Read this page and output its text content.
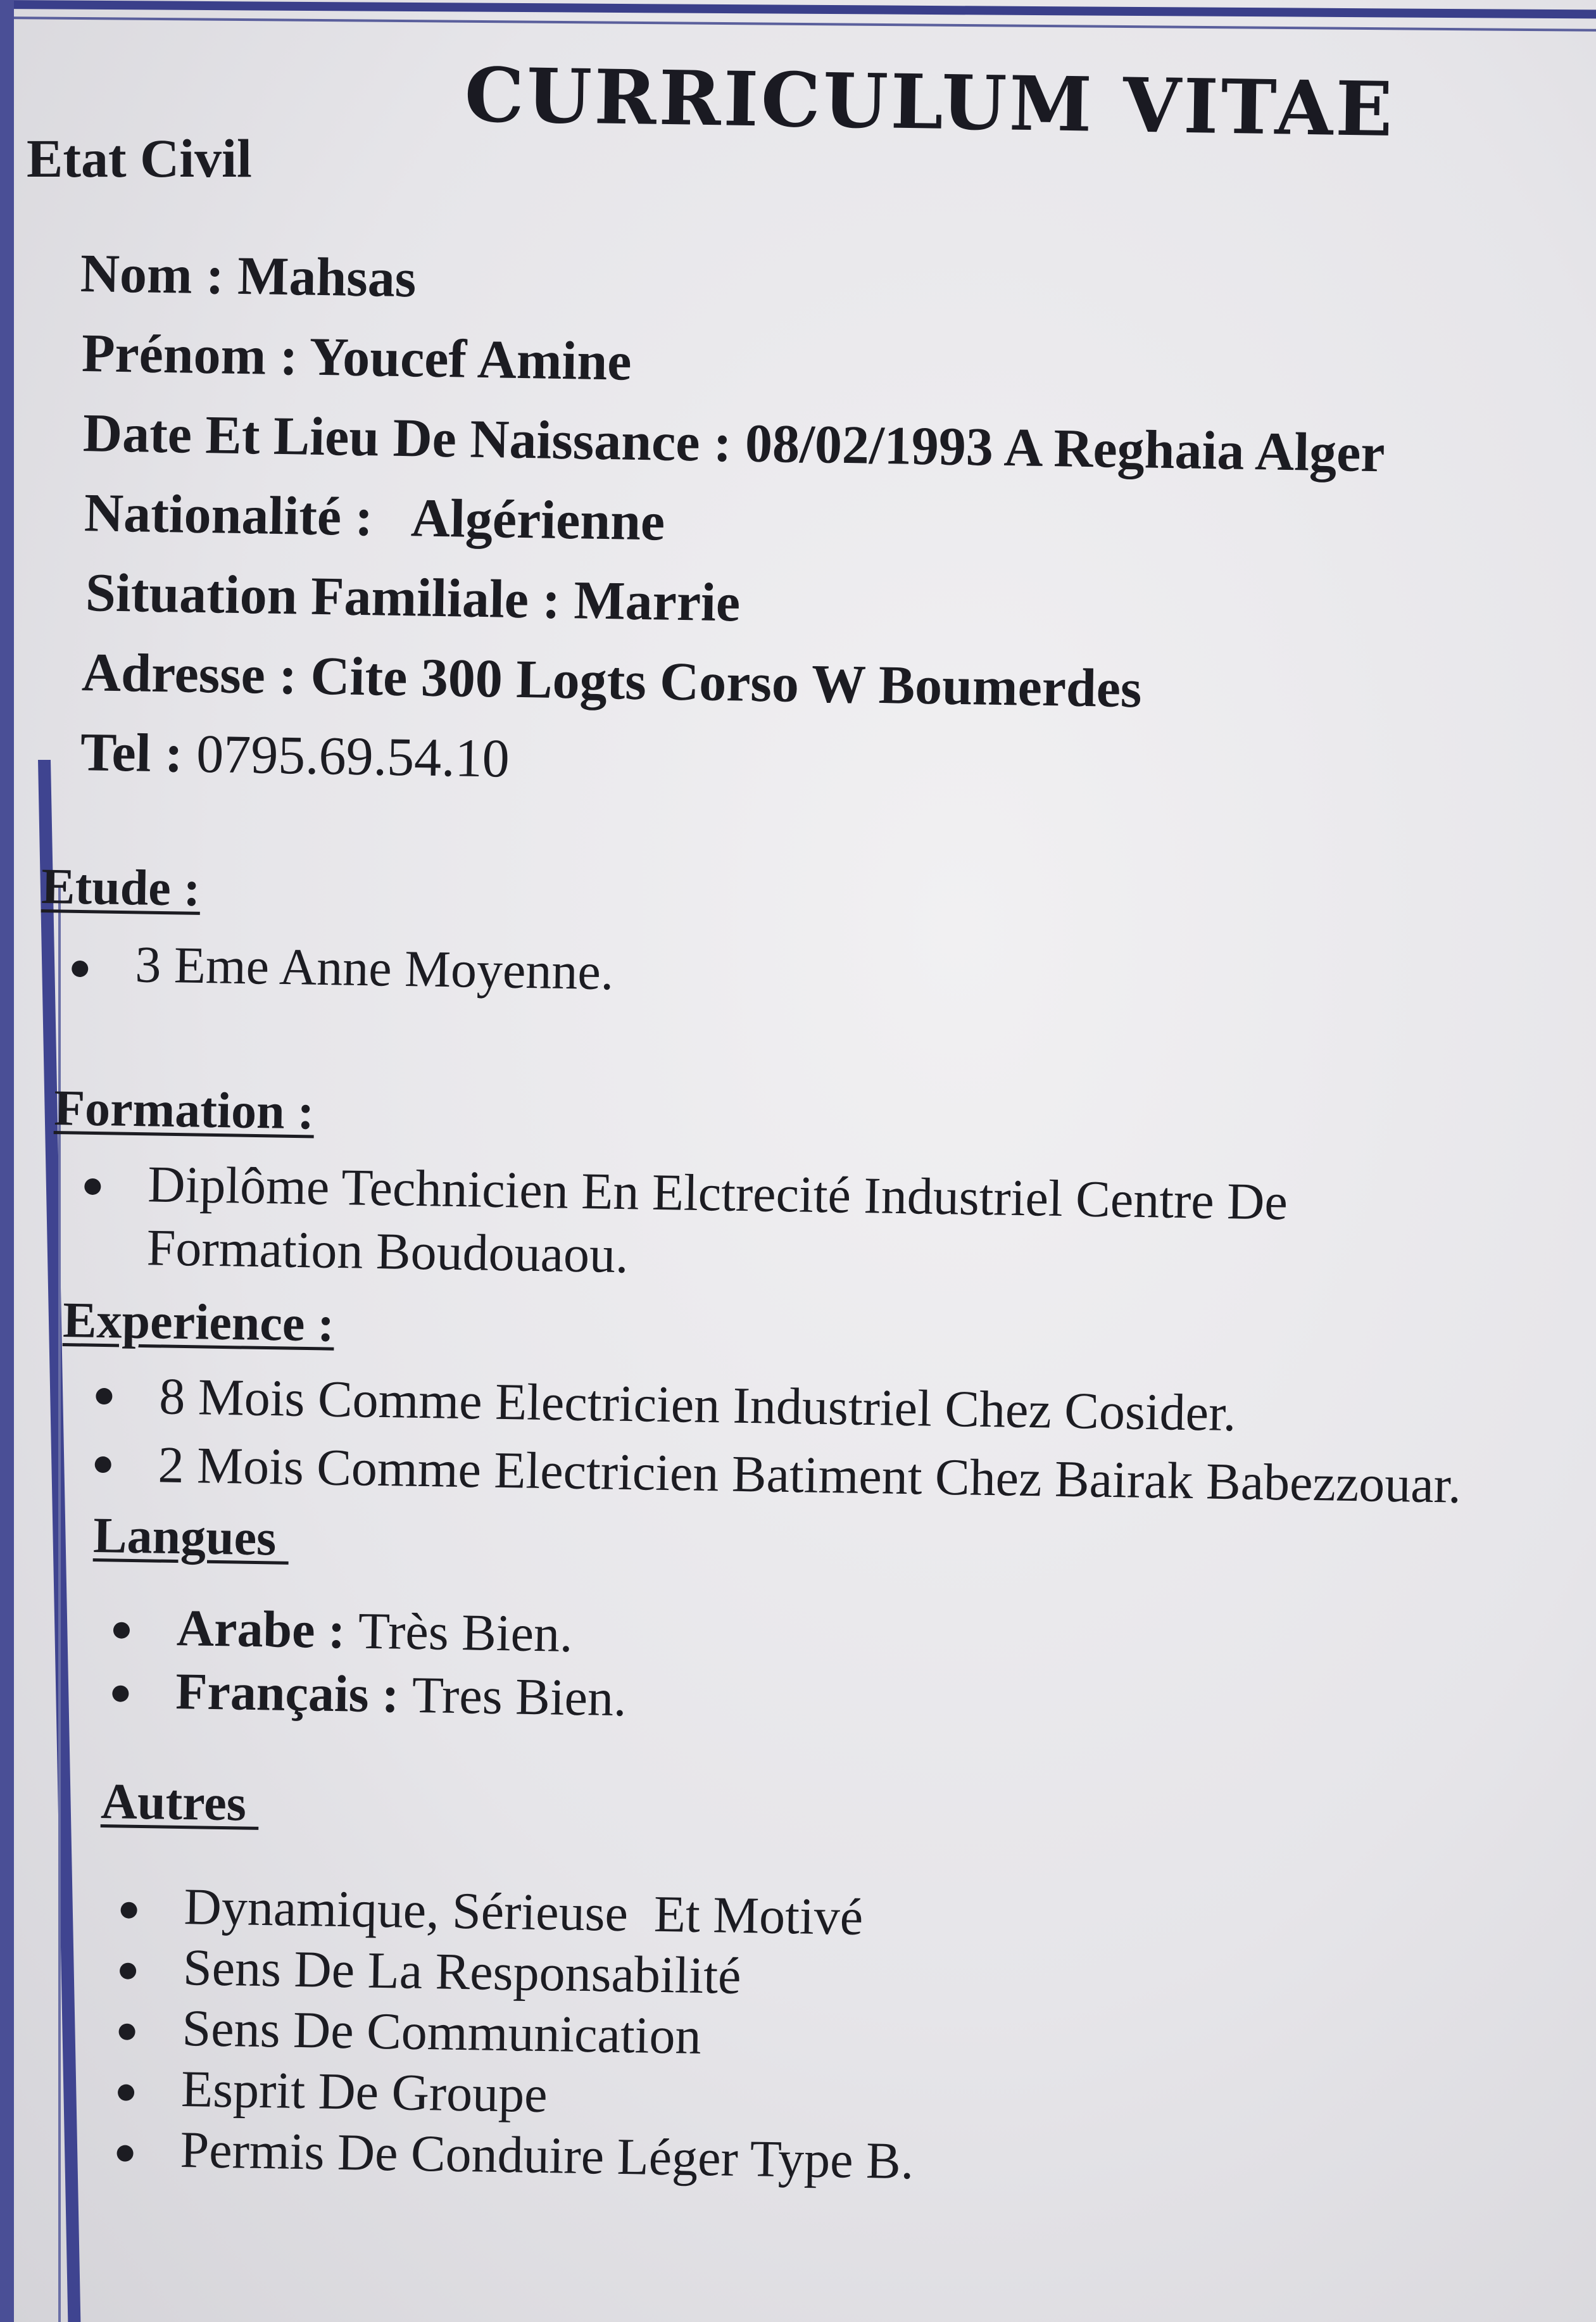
CURRICULUM VITAE
Etat Civil
Nom : Mahsas
Prénom : Youcef Amine
Date Et Lieu De Naissance : 08/02/1993 A Reghaia Alger
Nationalité :   Algérienne
Situation Familiale : Marrie
Adresse : Cite 300 Logts Corso W Boumerdes
Tel : 0795.69.54.10
Etude :
3 Eme Anne Moyenne.
Formation :
Diplôme Technicien En Elctrecité Industriel Centre De Formation Boudouaou.
Experience :
8 Mois Comme Electricien Industriel Chez Cosider.
2 Mois Comme Electricien Batiment Chez Bairak Babezzouar.
Langues
Arabe : Très Bien.
Français : Tres Bien.
Autres
Dynamique, Sérieuse  Et Motivé
Sens De La Responsabilité
Sens De Communication
Esprit De Groupe
Permis De Conduire Léger Type B.
